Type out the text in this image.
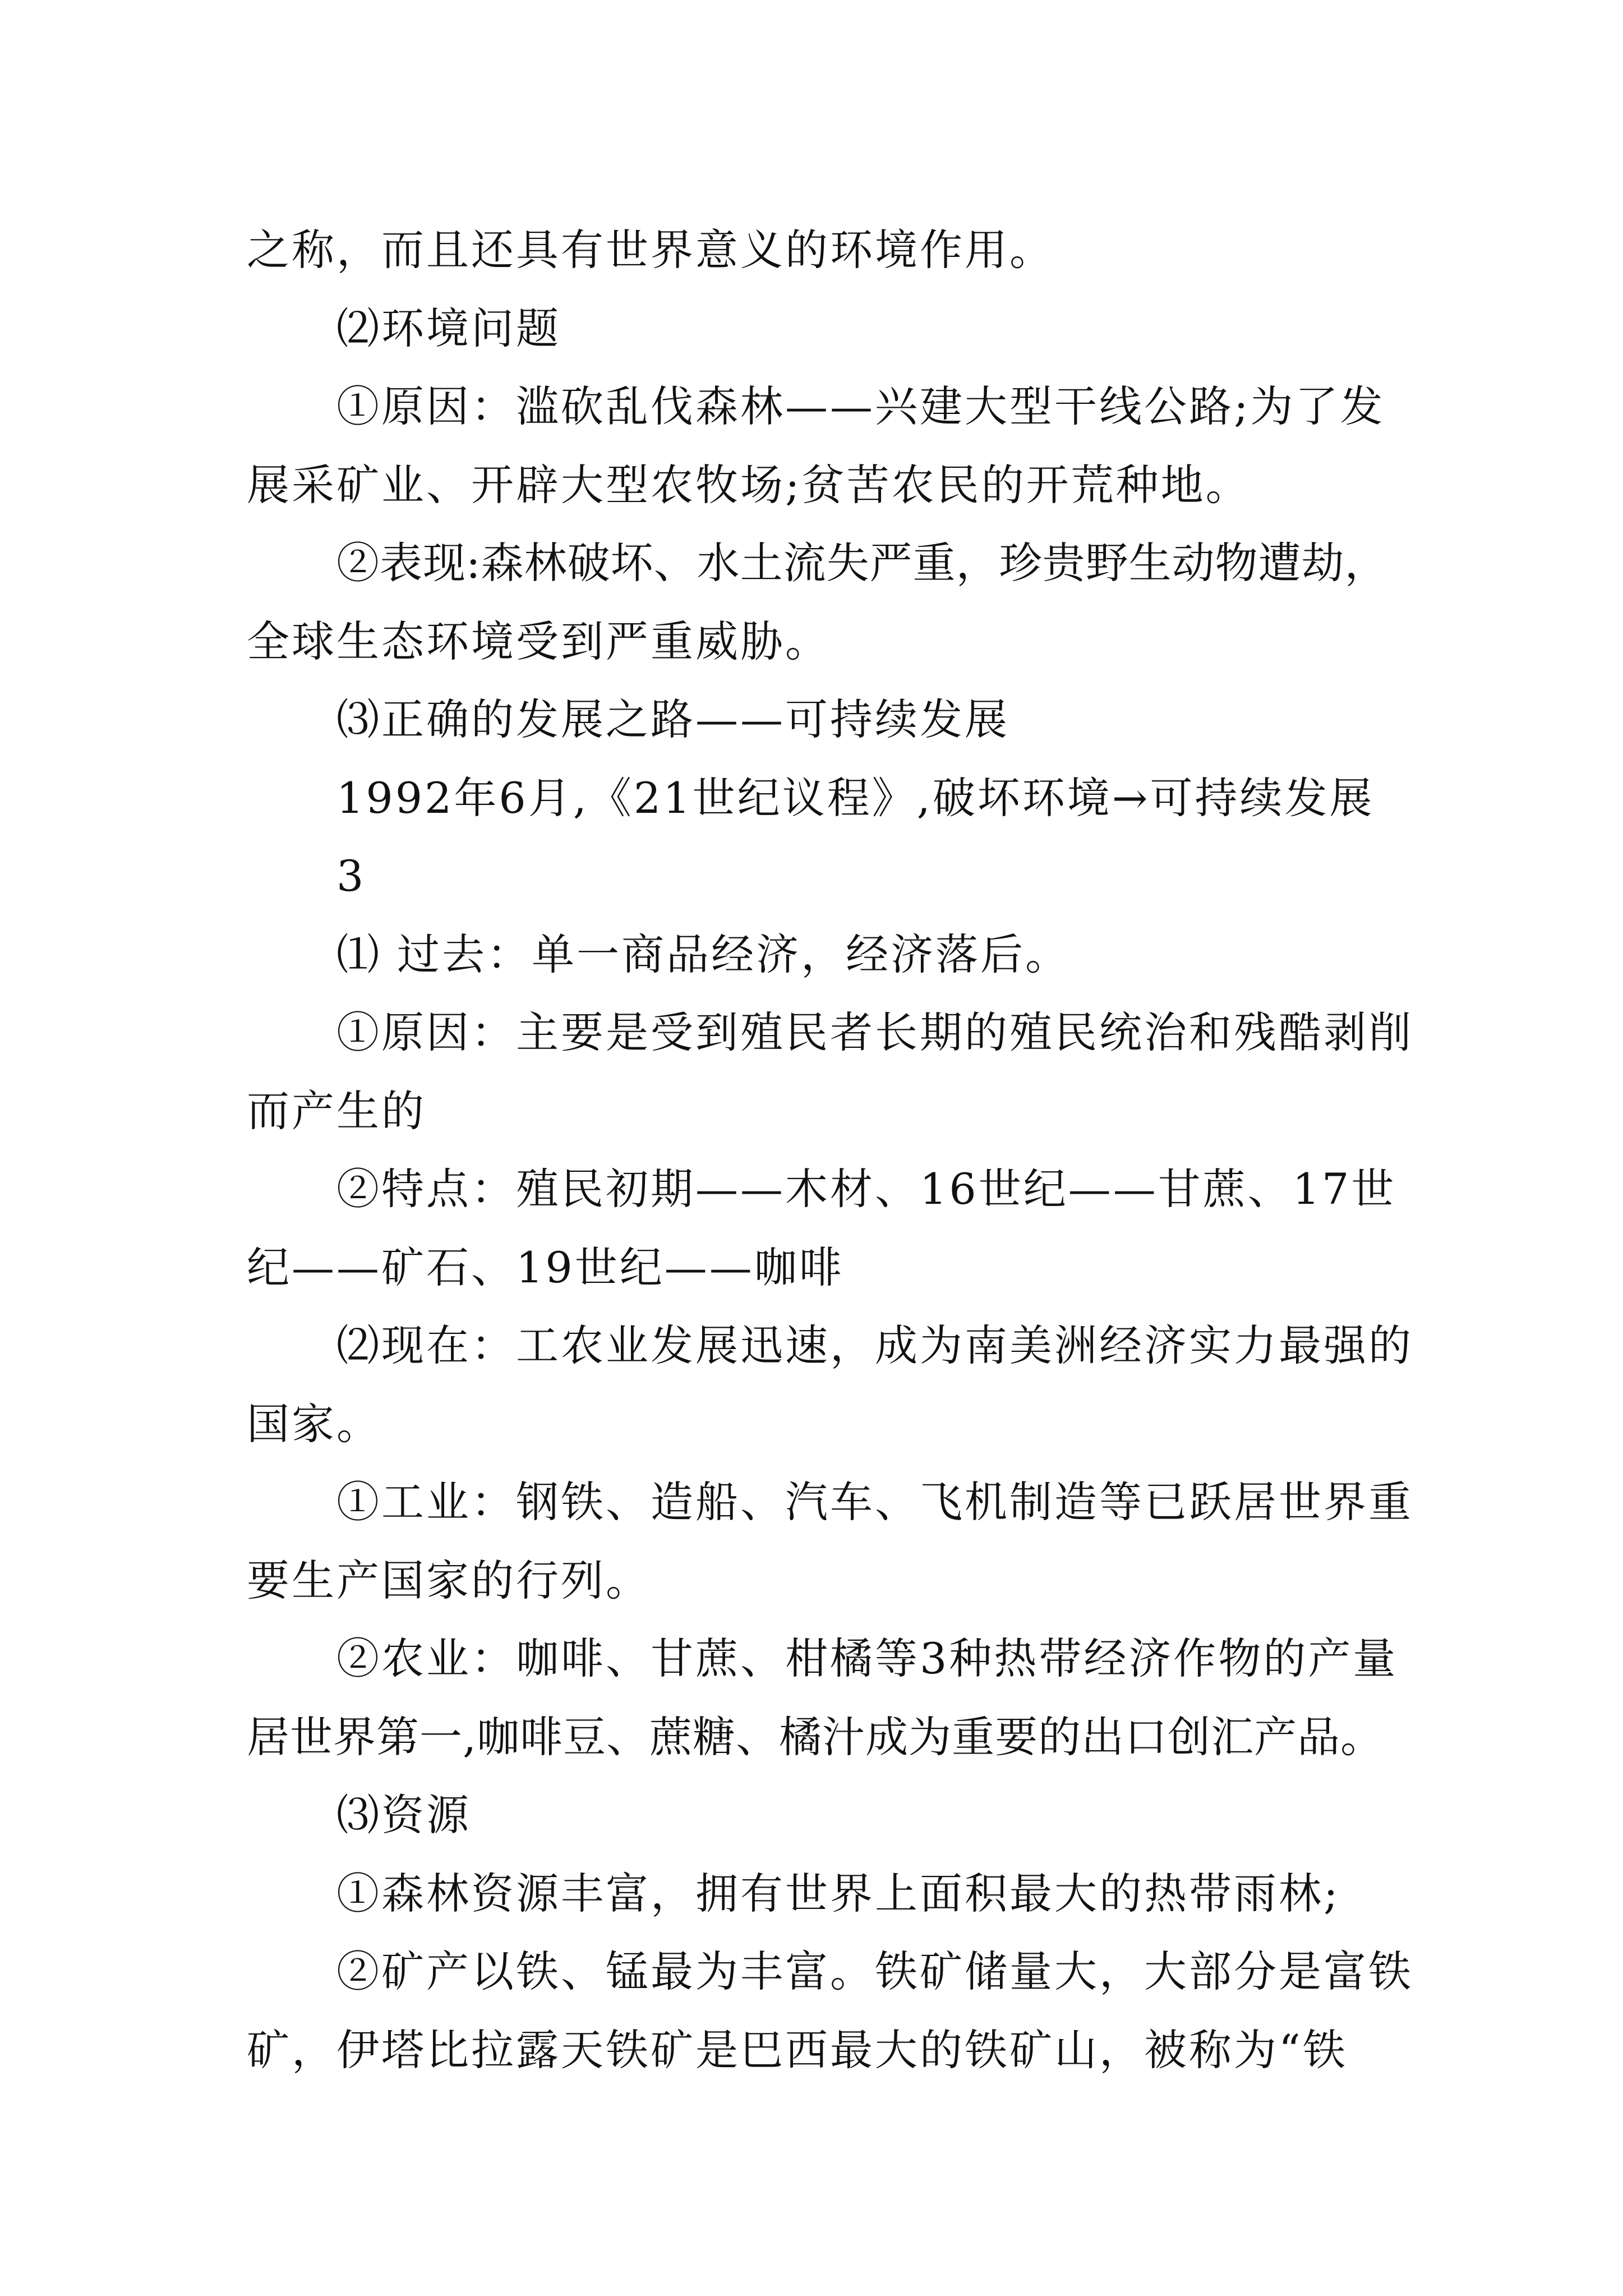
之称，而且还具有世界意义的环境作用。
⑵环境问题
①原因：滥砍乱伐森林——兴建大型干线公路;为了发
展采矿业、开辟大型农牧场;贫苦农民的开荒种地。
②表现:森林破坏、水土流失严重，珍贵野生动物遭劫，
全球生态环境受到严重威胁。
⑶正确的发展之路——可持续发展
1992年6月,《21世纪议程》,破坏环境→可持续发展
3
⑴ 过去：单一商品经济，经济落后。
①原因：主要是受到殖民者长期的殖民统治和残酷剥削
而产生的
②特点：殖民初期——木材、16世纪——甘蔗、17世
纪——矿石、19世纪——咖啡
⑵现在：工农业发展迅速，成为南美洲经济实力最强的
国家。
①工业：钢铁、造船、汽车、飞机制造等已跃居世界重
要生产国家的行列。
②农业：咖啡、甘蔗、柑橘等3种热带经济作物的产量
居世界第一,咖啡豆、蔗糖、橘汁成为重要的出口创汇产品。
⑶资源
①森林资源丰富，拥有世界上面积最大的热带雨林;
②矿产以铁、锰最为丰富。铁矿储量大，大部分是富铁
矿，伊塔比拉露天铁矿是巴西最大的铁矿山，被称为“铁
